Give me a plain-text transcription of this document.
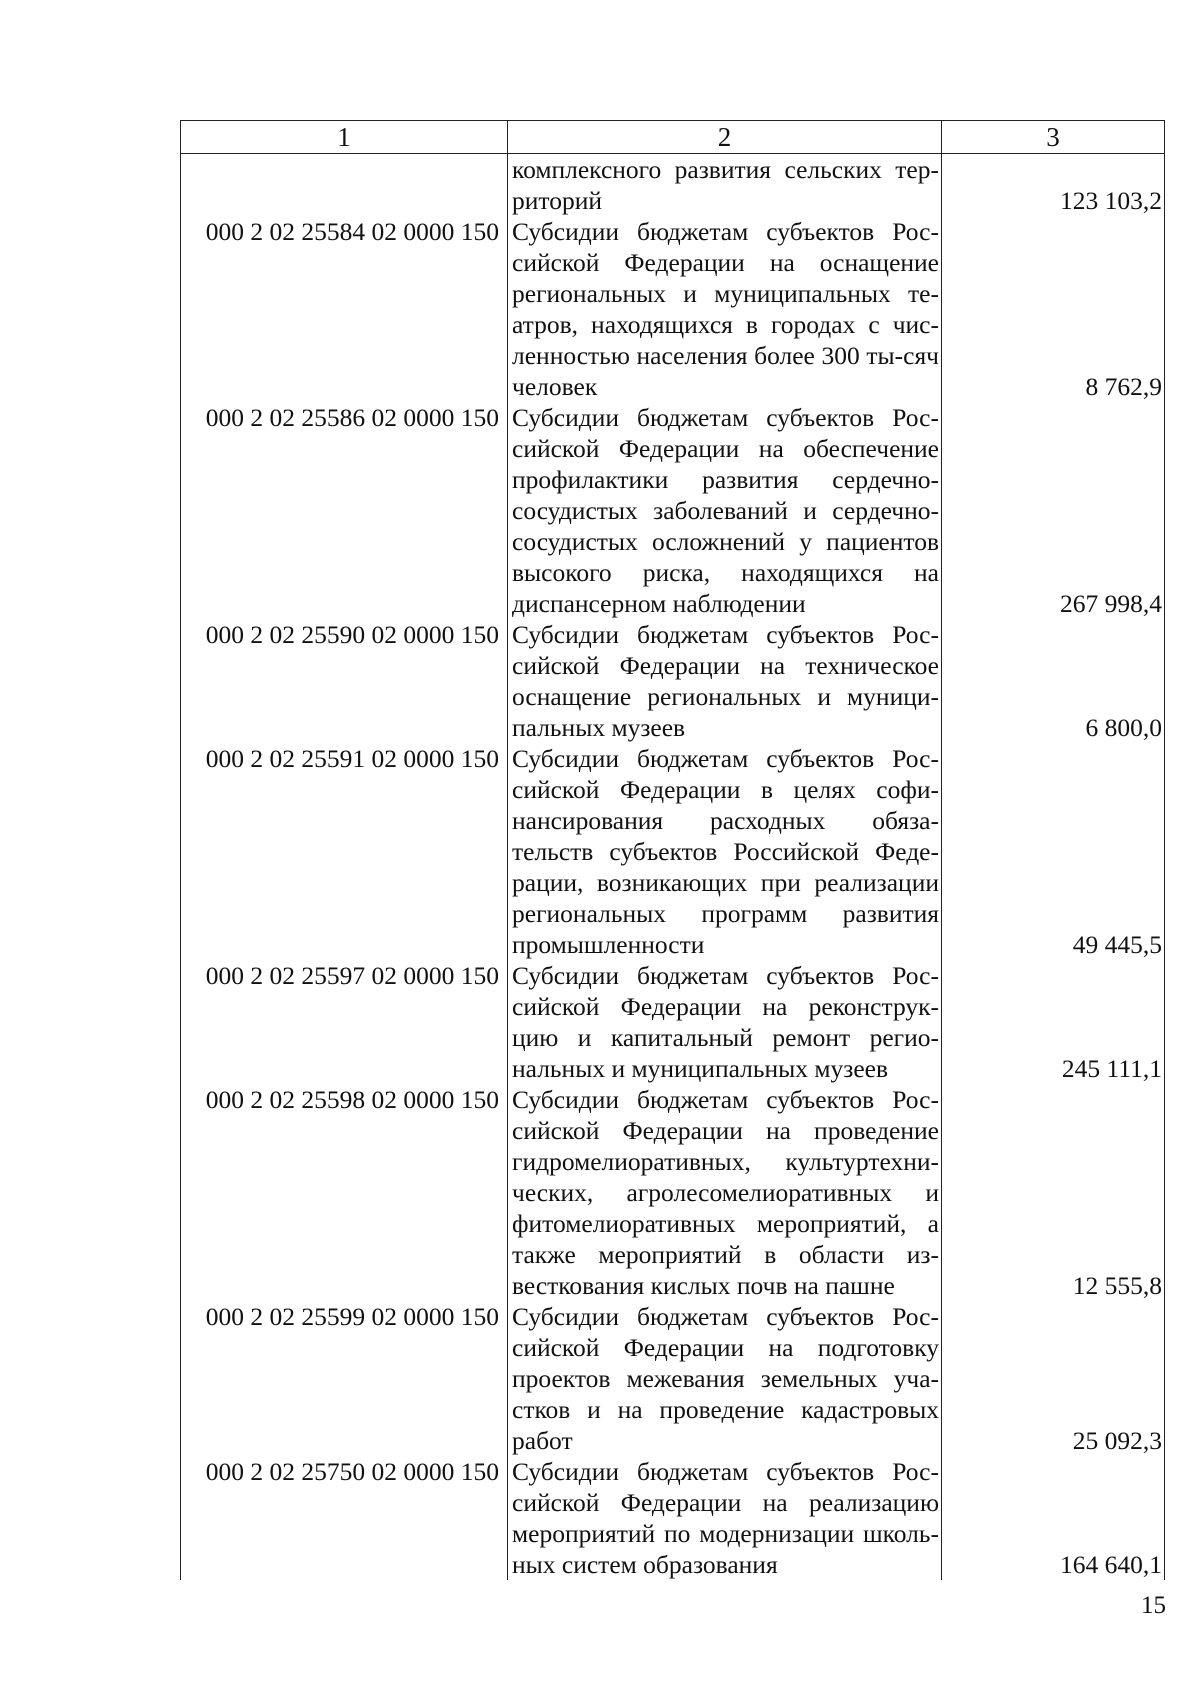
1	2	3
	комплексного развития сельских тер-риторий	123 103,2
000 2 02 25584 02 0000 150	Субсидии бюджетам субъектов Рос-сийской Федерации на оснащение региональных и муниципальных те-атров, находящихся в городах с чис-ленностью населения более 300 ты-сяч человек	8 762,9
000 2 02 25586 02 0000 150	Субсидии бюджетам субъектов Рос-сийской Федерации на обеспечение профилактики развития сердечно-сосудистых заболеваний и сердечно-сосудистых осложнений у пациентов высокого риска, находящихся на диспансерном наблюдении	267 998,4
000 2 02 25590 02 0000 150	Субсидии бюджетам субъектов Рос-сийской Федерации на техническое оснащение региональных и муници-пальных музеев	6 800,0
000 2 02 25591 02 0000 150	Субсидии бюджетам субъектов Рос-сийской Федерации в целях софи-нансирования расходных обяза-тельств субъектов Российской Феде-рации, возникающих при реализации региональных программ развития промышленности	49 445,5
000 2 02 25597 02 0000 150	Субсидии бюджетам субъектов Рос-сийской Федерации на реконструк-цию и капитальный ремонт регио-нальных и муниципальных музеев	245 111,1
000 2 02 25598 02 0000 150	Субсидии бюджетам субъектов Рос-сийской Федерации на проведение гидромелиоративных, культуртехни-ческих, агролесомелиоративных и фитомелиоративных мероприятий, а также мероприятий в области из-весткования кислых почв на пашне	12 555,8
000 2 02 25599 02 0000 150	Субсидии бюджетам субъектов Рос-сийской Федерации на подготовку проектов межевания земельных уча-стков и на проведение кадастровых работ	25 092,3
000 2 02 25750 02 0000 150	Субсидии бюджетам субъектов Рос-сийской Федерации на реализацию мероприятий по модернизации школь-ных систем образования	164 640,1
15
